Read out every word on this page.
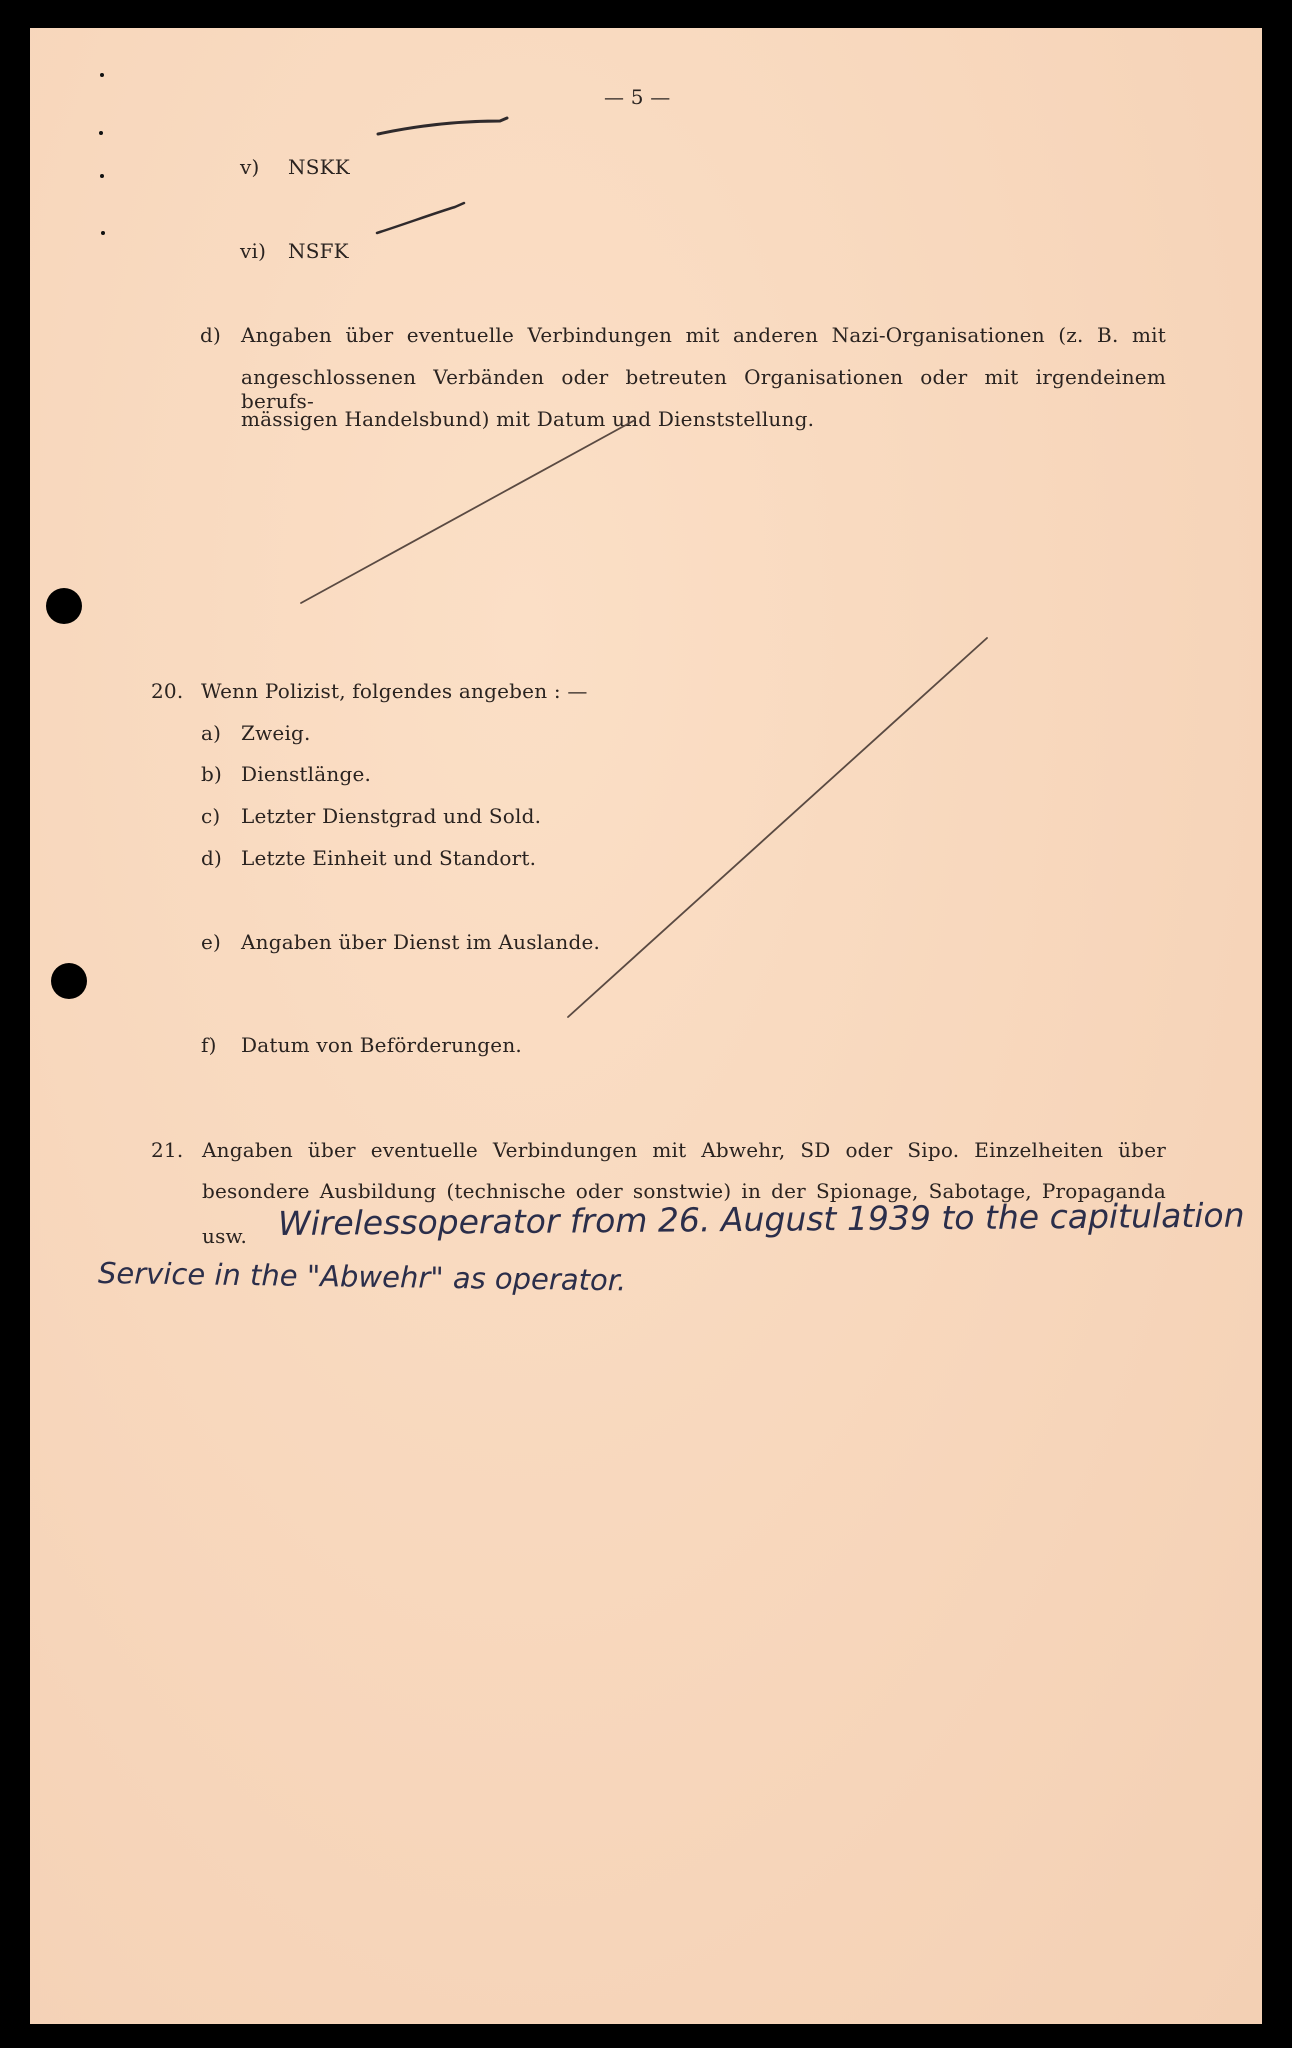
— 5 —
v) NSKK
vi) NSFK
d) Angaben über eventuelle Verbindungen mit anderen Nazi-Organisationen (z. B. mit
angeschlossenen Verbänden oder betreuten Organisationen oder mit irgendeinem berufs-
mässigen Handelsbund) mit Datum und Dienststellung.
20. Wenn Polizist, folgendes angeben : —
a) Zweig.
b) Dienstlänge.
c) Letzter Dienstgrad und Sold.
d) Letzte Einheit und Standort.
e) Angaben über Dienst im Auslande.
f) Datum von Beförderungen.
21. Angaben über eventuelle Verbindungen mit Abwehr, SD oder Sipo. Einzelheiten über
besondere Ausbildung (technische oder sonstwie) in der Spionage, Sabotage, Propaganda
usw. Wirelessoperator from 26. August 1939 to the capitulation
Service in the "Abwehr" as operator.
